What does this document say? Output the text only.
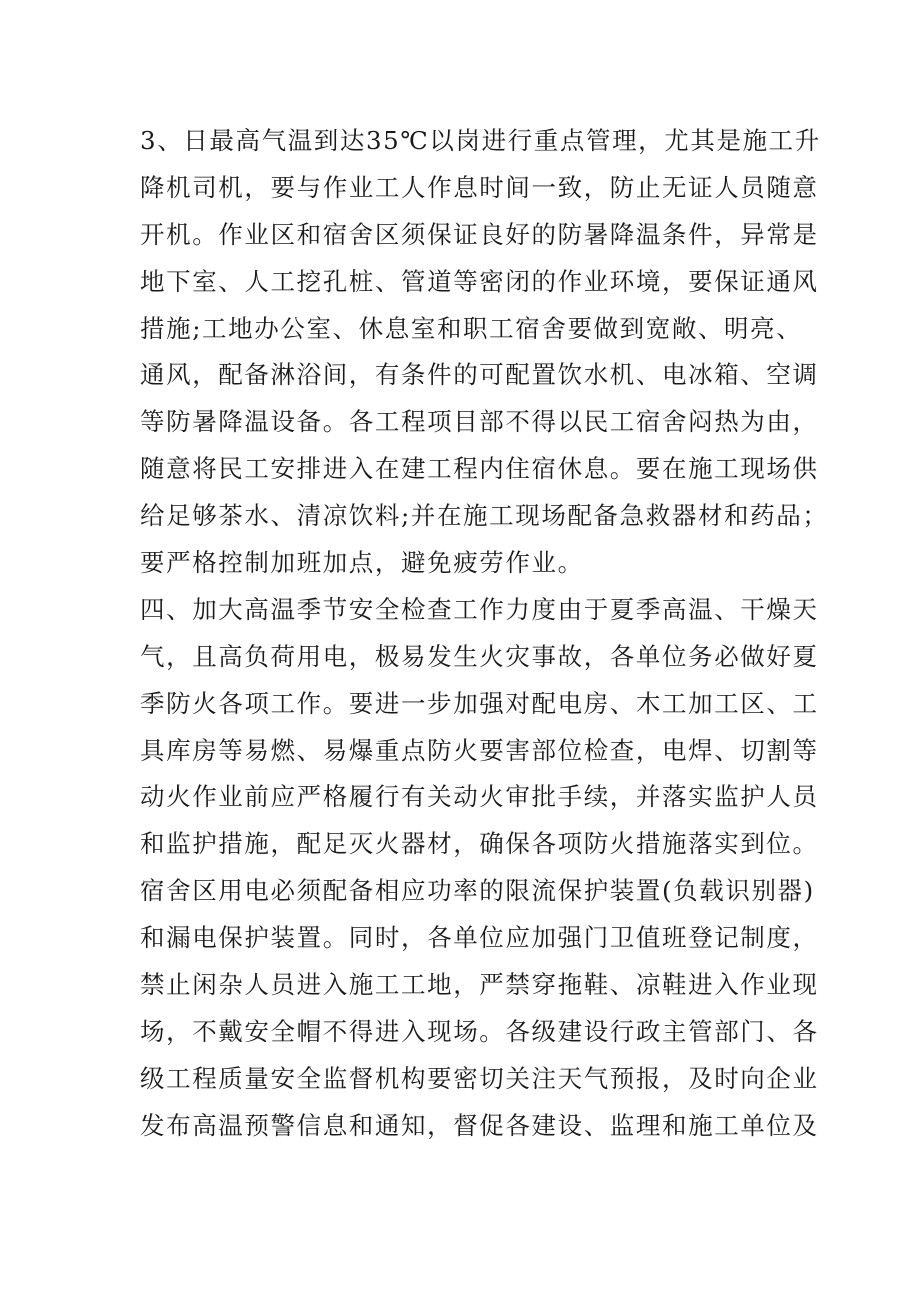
3、日最高气温到达35℃以岗进行重点管理，尤其是施工升
降机司机，要与作业工人作息时间一致，防止无证人员随意
开机。作业区和宿舍区须保证良好的防暑降温条件，异常是
地下室、人工挖孔桩、管道等密闭的作业环境，要保证通风
措施;工地办公室、休息室和职工宿舍要做到宽敞、明亮、
通风，配备淋浴间，有条件的可配置饮水机、电冰箱、空调
等防暑降温设备。各工程项目部不得以民工宿舍闷热为由，
随意将民工安排进入在建工程内住宿休息。要在施工现场供
给足够茶水、清凉饮料;并在施工现场配备急救器材和药品；
要严格控制加班加点，避免疲劳作业。
四、加大高温季节安全检查工作力度由于夏季高温、干燥天
气，且高负荷用电，极易发生火灾事故，各单位务必做好夏
季防火各项工作。要进一步加强对配电房、木工加工区、工
具库房等易燃、易爆重点防火要害部位检查，电焊、切割等
动火作业前应严格履行有关动火审批手续，并落实监护人员
和监护措施，配足灭火器材，确保各项防火措施落实到位。
宿舍区用电必须配备相应功率的限流保护装置(负载识别器)
和漏电保护装置。同时，各单位应加强门卫值班登记制度，
禁止闲杂人员进入施工工地，严禁穿拖鞋、凉鞋进入作业现
场，不戴安全帽不得进入现场。各级建设行政主管部门、各
级工程质量安全监督机构要密切关注天气预报，及时向企业
发布高温预警信息和通知，督促各建设、监理和施工单位及
